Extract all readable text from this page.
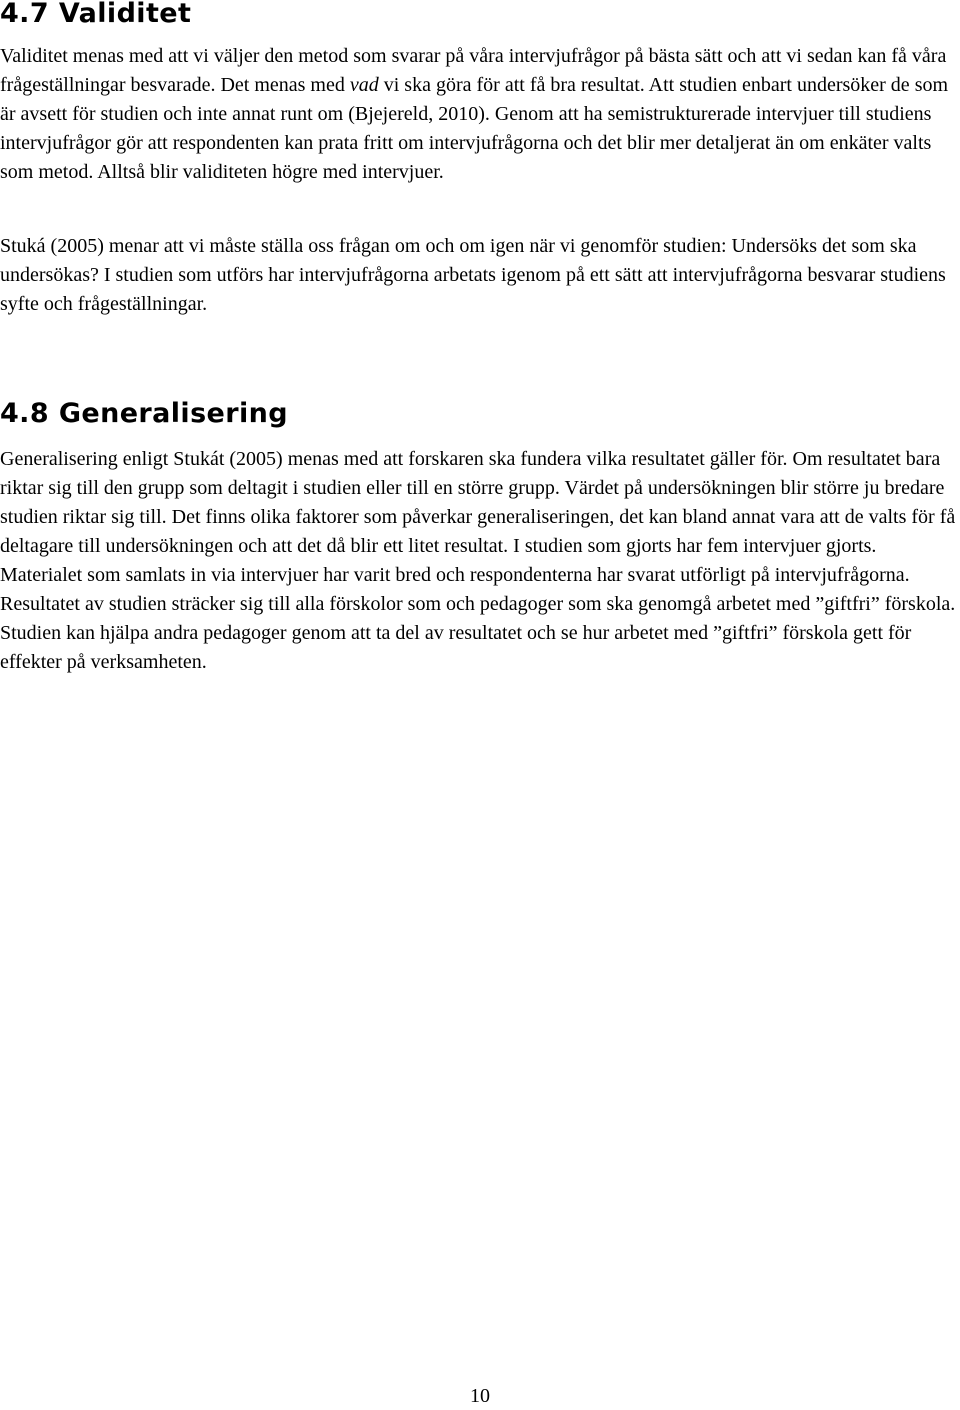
4.7 Validitet

Validitet menas med att vi väljer den metod som svarar på våra intervjufrågor på bästa sätt och att vi sedan kan få våra frågeställningar besvarade. Det menas med vad vi ska göra för att få bra resultat. Att studien enbart undersöker de som är avsett för studien och inte annat runt om (Bjejereld, 2010). Genom att ha semistrukturerade intervjuer till studiens intervjufrågor gör att respondenten kan prata fritt om intervjufrågorna och det blir mer detaljerat än om enkäter valts som metod. Alltså blir validiteten högre med intervjuer.

Stuká (2005) menar att vi måste ställa oss frågan om och om igen när vi genomför studien: Undersöks det som ska undersökas? I studien som utförs har intervjufrågorna arbetats igenom på ett sätt att intervjufrågorna besvarar studiens syfte och frågeställningar.

4.8 Generalisering

Generalisering enligt Stukát (2005) menas med att forskaren ska fundera vilka resultatet gäller för. Om resultatet bara riktar sig till den grupp som deltagit i studien eller till en större grupp. Värdet på undersökningen blir större ju bredare studien riktar sig till. Det finns olika faktorer som påverkar generaliseringen, det kan bland annat vara att de valts för få deltagare till undersökningen och att det då blir ett litet resultat. I studien som gjorts har fem intervjuer gjorts. Materialet som samlats in via intervjuer har varit bred och respondenterna har svarat utförligt på intervjufrågorna. Resultatet av studien sträcker sig till alla förskolor som och pedagoger som ska genomgå arbetet med ”giftfri” förskola. Studien kan hjälpa andra pedagoger genom att ta del av resultatet och se hur arbetet med ”giftfri” förskola gett för effekter på verksamheten.

10
